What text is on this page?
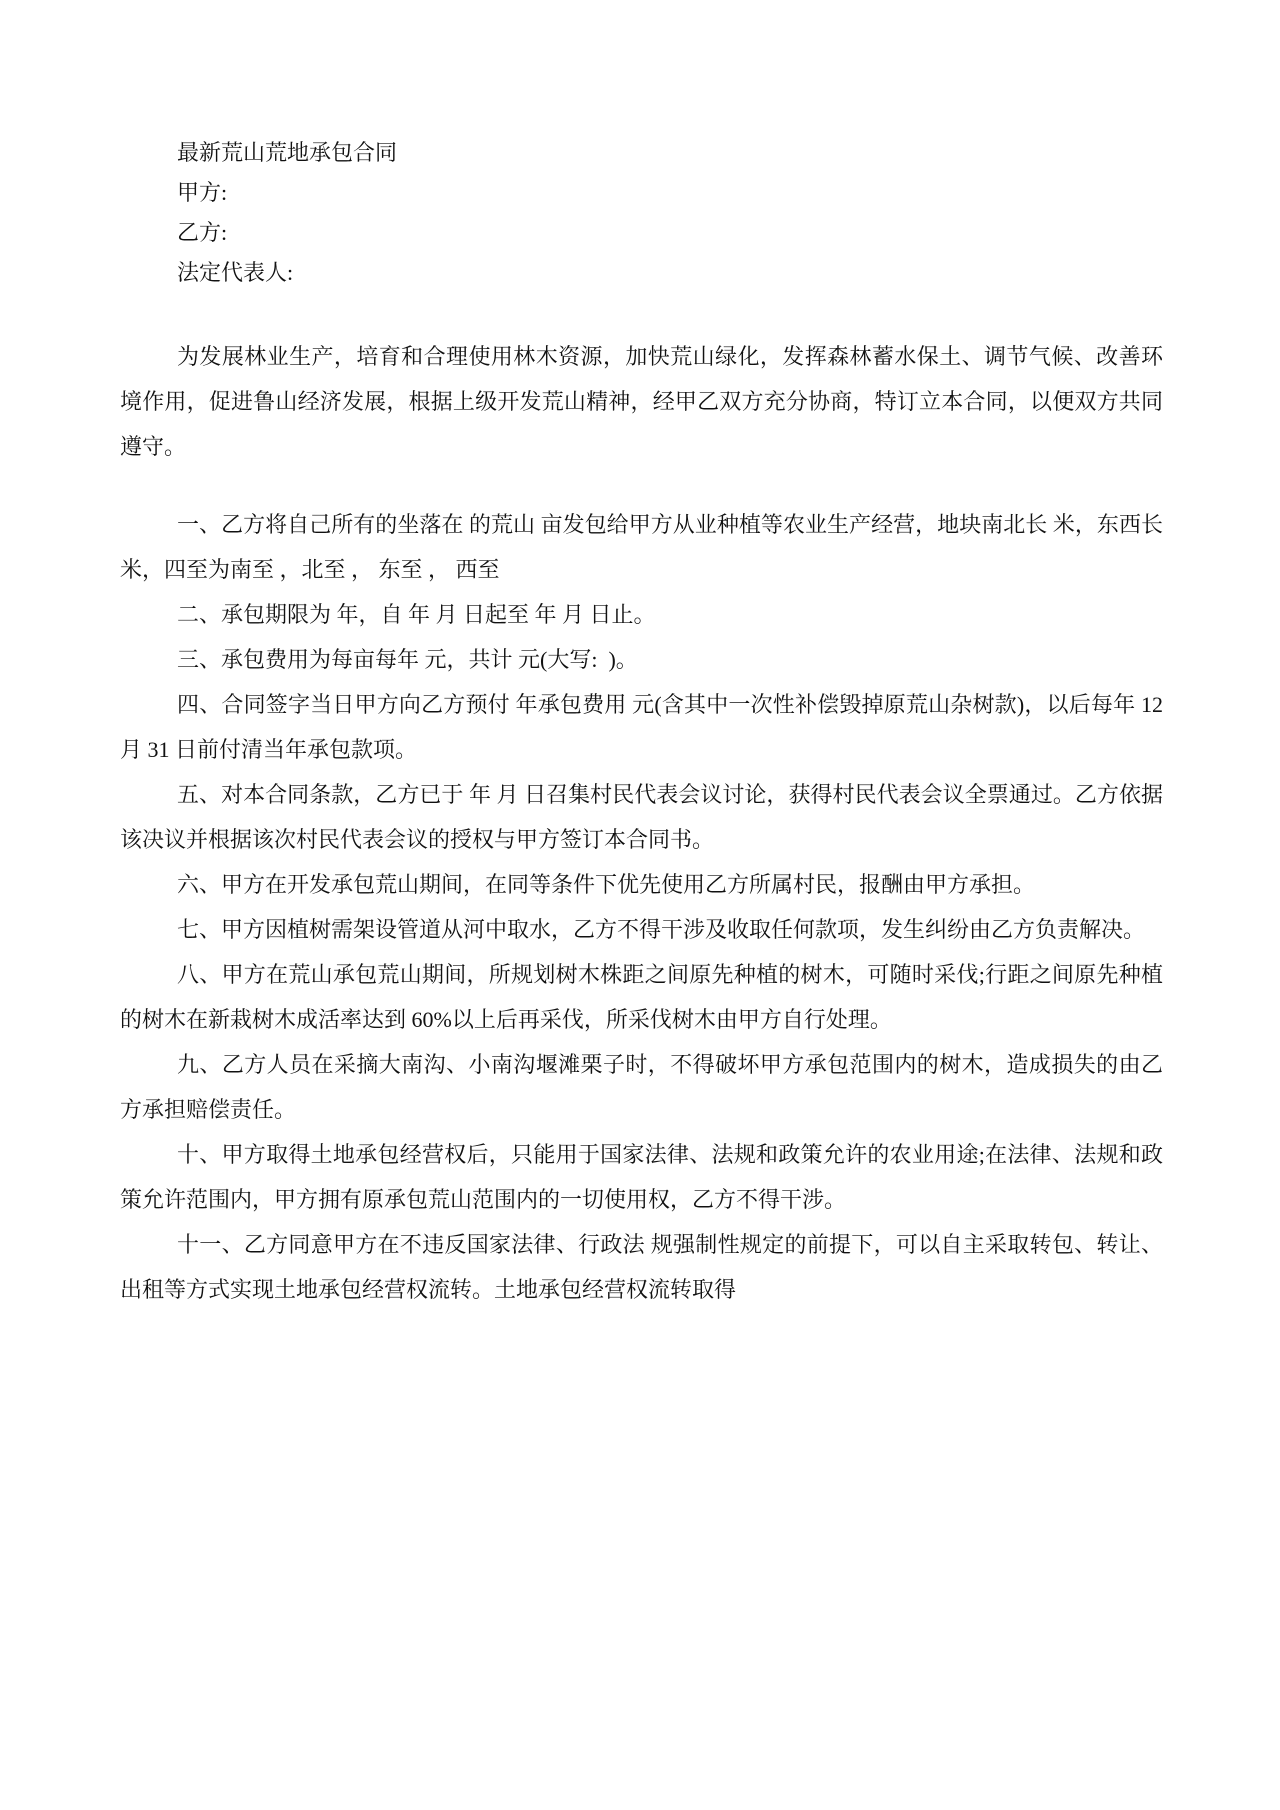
最新荒山荒地承包合同
甲方:
乙方:
法定代表人:

为发展林业生产，培育和合理使用林木资源，加快荒山绿化，发挥森林蓄水保土、调节气候、改善环境作用，促进鲁山经济发展，根据上级开发荒山精神，经甲乙双方充分协商，特订立本合同，以便双方共同遵守。

一、乙方将自己所有的坐落在 的荒山 亩发包给甲方从业种植等农业生产经营，地块南北长 米，东西长 米，四至为南至 ，北至 ， 东至 ， 西至

二、承包期限为 年，自 年 月 日起至 年 月 日止。

三、承包费用为每亩每年 元，共计 元(大写:  )。

四、合同签字当日甲方向乙方预付 年承包费用 元(含其中一次性补偿毁掉原荒山杂树款)，以后每年 12 月 31 日前付清当年承包款项。

五、对本合同条款，乙方已于 年 月 日召集村民代表会议讨论，获得村民代表会议全票通过。乙方依据该决议并根据该次村民代表会议的授权与甲方签订本合同书。

六、甲方在开发承包荒山期间，在同等条件下优先使用乙方所属村民，报酬由甲方承担。

七、甲方因植树需架设管道从河中取水，乙方不得干涉及收取任何款项，发生纠纷由乙方负责解决。

八、甲方在荒山承包荒山期间，所规划树木株距之间原先种植的树木，可随时采伐;行距之间原先种植的树木在新栽树木成活率达到 60%以上后再采伐，所采伐树木由甲方自行处理。

九、乙方人员在采摘大南沟、小南沟堰滩栗子时，不得破坏甲方承包范围内的树木，造成损失的由乙方承担赔偿责任。

十、甲方取得土地承包经营权后，只能用于国家法律、法规和政策允许的农业用途;在法律、法规和政策允许范围内，甲方拥有原承包荒山范围内的一切使用权，乙方不得干涉。

十一、乙方同意甲方在不违反国家法律、行政法 规强制性规定的前提下，可以自主采取转包、转让、出租等方式实现土地承包经营权流转。土地承包经营权流转取得
